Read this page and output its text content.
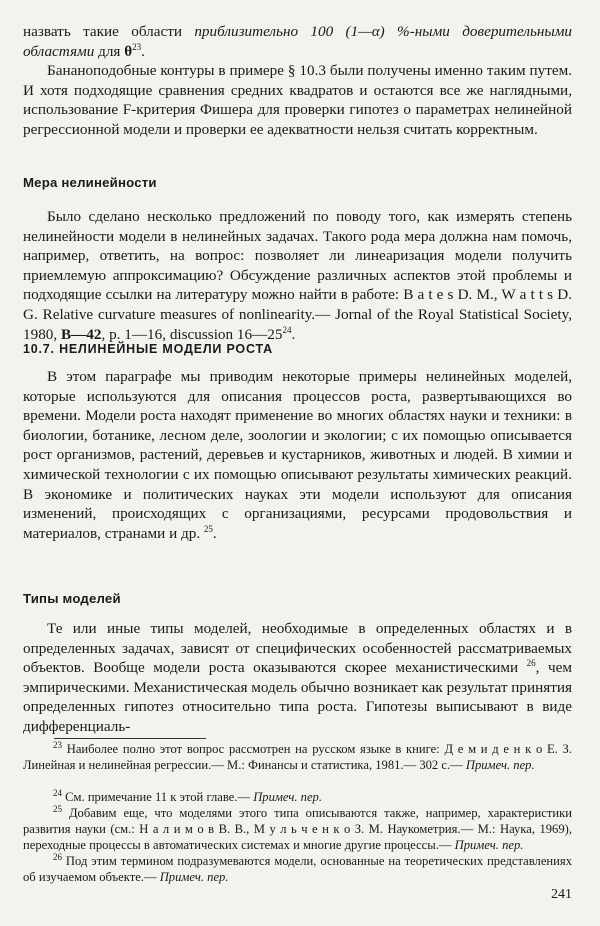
назвать такие области приблизительно 100 (1—α) %-ными доверительными областями для $\theta^{23}$.

Бананоподобные контуры в примере § 10.3 были получены именно таким путем. И хотя подходящие сравнения средних квадратов и остаются все же наглядными, использование F-критерия Фишера для проверки гипотез о параметрах нелинейной регрессионной модели и проверки ее адекватности нельзя считать корректным.

Мера нелинейности

Было сделано несколько предложений по поводу того, как измерять степень нелинейности модели в нелинейных задачах. Такого рода мера должна нам помочь, например, ответить, на вопрос: позволяет ли линеаризация модели получить приемлемую аппроксимацию? Обсуждение различных аспектов этой проблемы и подходящие ссылки на литературу можно найти в работе: B a t e s D. M., W a t t s D. G. Relative curvature measures of nonlinearity.— Jornal of the Royal Statistical Society, 1980, B—42, p. 1—16, discussion $16—25^{24}$.

10.7. НЕЛИНЕЙНЫЕ МОДЕЛИ РОСТА

В этом параграфе мы приводим некоторые примеры нелинейных моделей, которые используются для описания процессов роста, развертывающихся во времени. Модели роста находят применение во многих областях науки и техники: в биологии, ботанике, лесном деле, зоологии и экологии; с их помощью описывается рост организмов, растений, деревьев и кустарников, животных и людей. В химии и химической технологии с их помощью описывают результаты химических реакций. В экономике и политических науках эти модели используют для описания изменений, происходящих с организациями, ресурсами продовольствия и материалов, странами и др. $^{25}$.

Типы моделей

Те или иные типы моделей, необходимые в определенных областях и в определенных задачах, зависят от специфических особенностей рассматриваемых объектов. Вообще модели роста оказываются скорее механистическими $^{26}$, чем эмпирическими. Механистическая модель обычно возникает как результат принятия определенных гипотез относительно типа роста. Гипотезы выписывают в виде дифференциаль-

$^{23}$ Наиболее полно этот вопрос рассмотрен на русском языке в книге: Д е м и д е н к о Е. З. Линейная и нелинейная регрессии.— М.: Финансы и статистика, 1981.— 302 с.— Примеч. пер.

$^{24}$ См. примечание 11 к этой главе.— Примеч. пер.

$^{25}$ Добавим еще, что моделями этого типа описываются также, например, характеристики развития науки (см.: Н а л и м о в В. В., М у л ь ч е н к о З. М. Наукометрия.— М.: Наука, 1969), переходные процессы в автоматических системах и многие другие процессы.— Примеч. пер.

$^{26}$ Под этим термином подразумеваются модели, основанные на теоретических представлениях об изучаемом объекте.— Примеч. пер.

241
